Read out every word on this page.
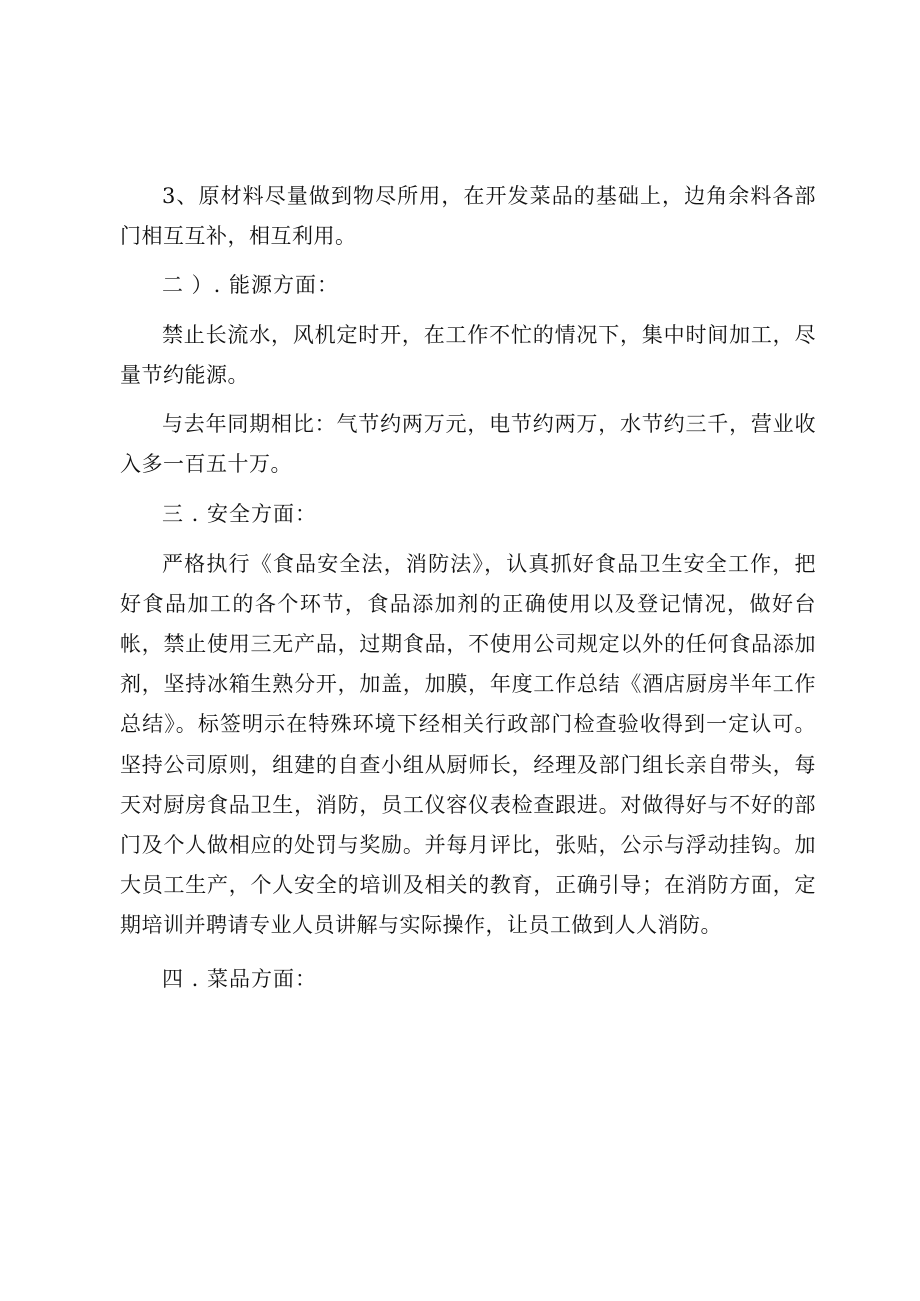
3、原材料尽量做到物尽所用，在开发菜品的基础上，边角余料各部门相互互补，相互利用。

二 ）. 能源方面：

禁止长流水，风机定时开，在工作不忙的情况下，集中时间加工，尽量节约能源。

与去年同期相比：气节约两万元，电节约两万，水节约三千，营业收入多一百五十万。

三 . 安全方面：

严格执行《食品安全法，消防法》，认真抓好食品卫生安全工作，把好食品加工的各个环节，食品添加剂的正确使用以及登记情况，做好台帐，禁止使用三无产品，过期食品，不使用公司规定以外的任何食品添加剂，坚持冰箱生熟分开，加盖，加膜，年度工作总结《酒店厨房半年工作总结》。标签明示在特殊环境下经相关行政部门检查验收得到一定认可。坚持公司原则，组建的自查小组从厨师长，经理及部门组长亲自带头，每天对厨房食品卫生，消防，员工仪容仪表检查跟进。对做得好与不好的部门及个人做相应的处罚与奖励。并每月评比，张贴，公示与浮动挂钩。加大员工生产，个人安全的培训及相关的教育，正确引导；在消防方面，定期培训并聘请专业人员讲解与实际操作，让员工做到人人消防。

四 . 菜品方面：
